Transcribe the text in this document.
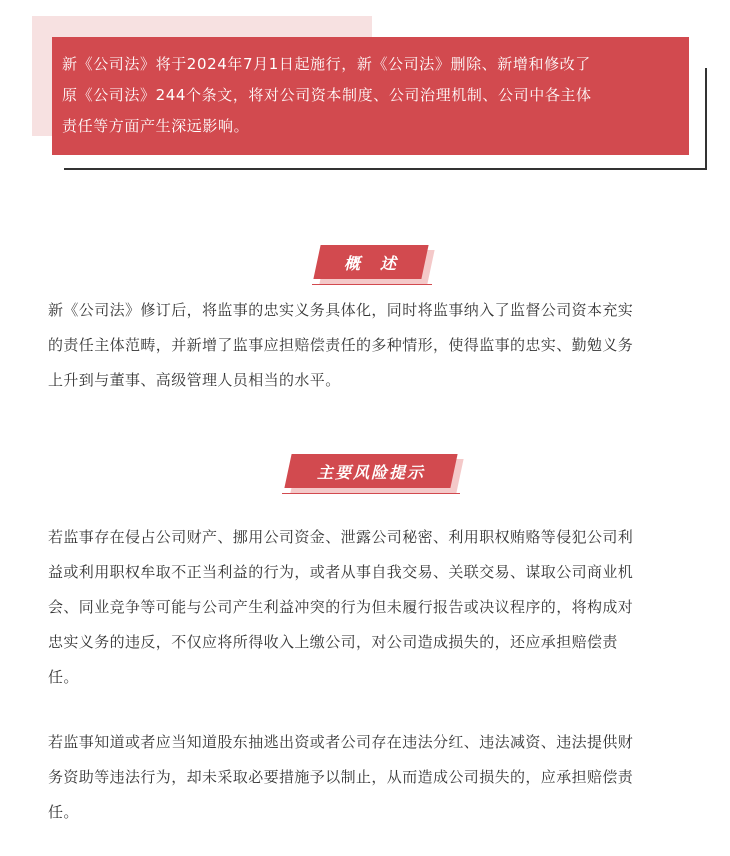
新《公司法》将于2024年7月1日起施行，新《公司法》删除、新增和修改了
原《公司法》244个条文，将对公司资本制度、公司治理机制、公司中各主体
责任等方面产生深远影响。
概　述
新《公司法》修订后，将监事的忠实义务具体化，同时将监事纳入了监督公司资本充实
的责任主体范畴，并新增了监事应担赔偿责任的多种情形，使得监事的忠实、勤勉义务
上升到与董事、高级管理人员相当的水平。
主要风险提示
若监事存在侵占公司财产、挪用公司资金、泄露公司秘密、利用职权贿赂等侵犯公司利
益或利用职权牟取不正当利益的行为，或者从事自我交易、关联交易、谋取公司商业机
会、同业竞争等可能与公司产生利益冲突的行为但未履行报告或决议程序的，将构成对
忠实义务的违反，不仅应将所得收入上缴公司，对公司造成损失的，还应承担赔偿责
任。
若监事知道或者应当知道股东抽逃出资或者公司存在违法分红、违法减资、违法提供财
务资助等违法行为，却未采取必要措施予以制止，从而造成公司损失的，应承担赔偿责
任。
